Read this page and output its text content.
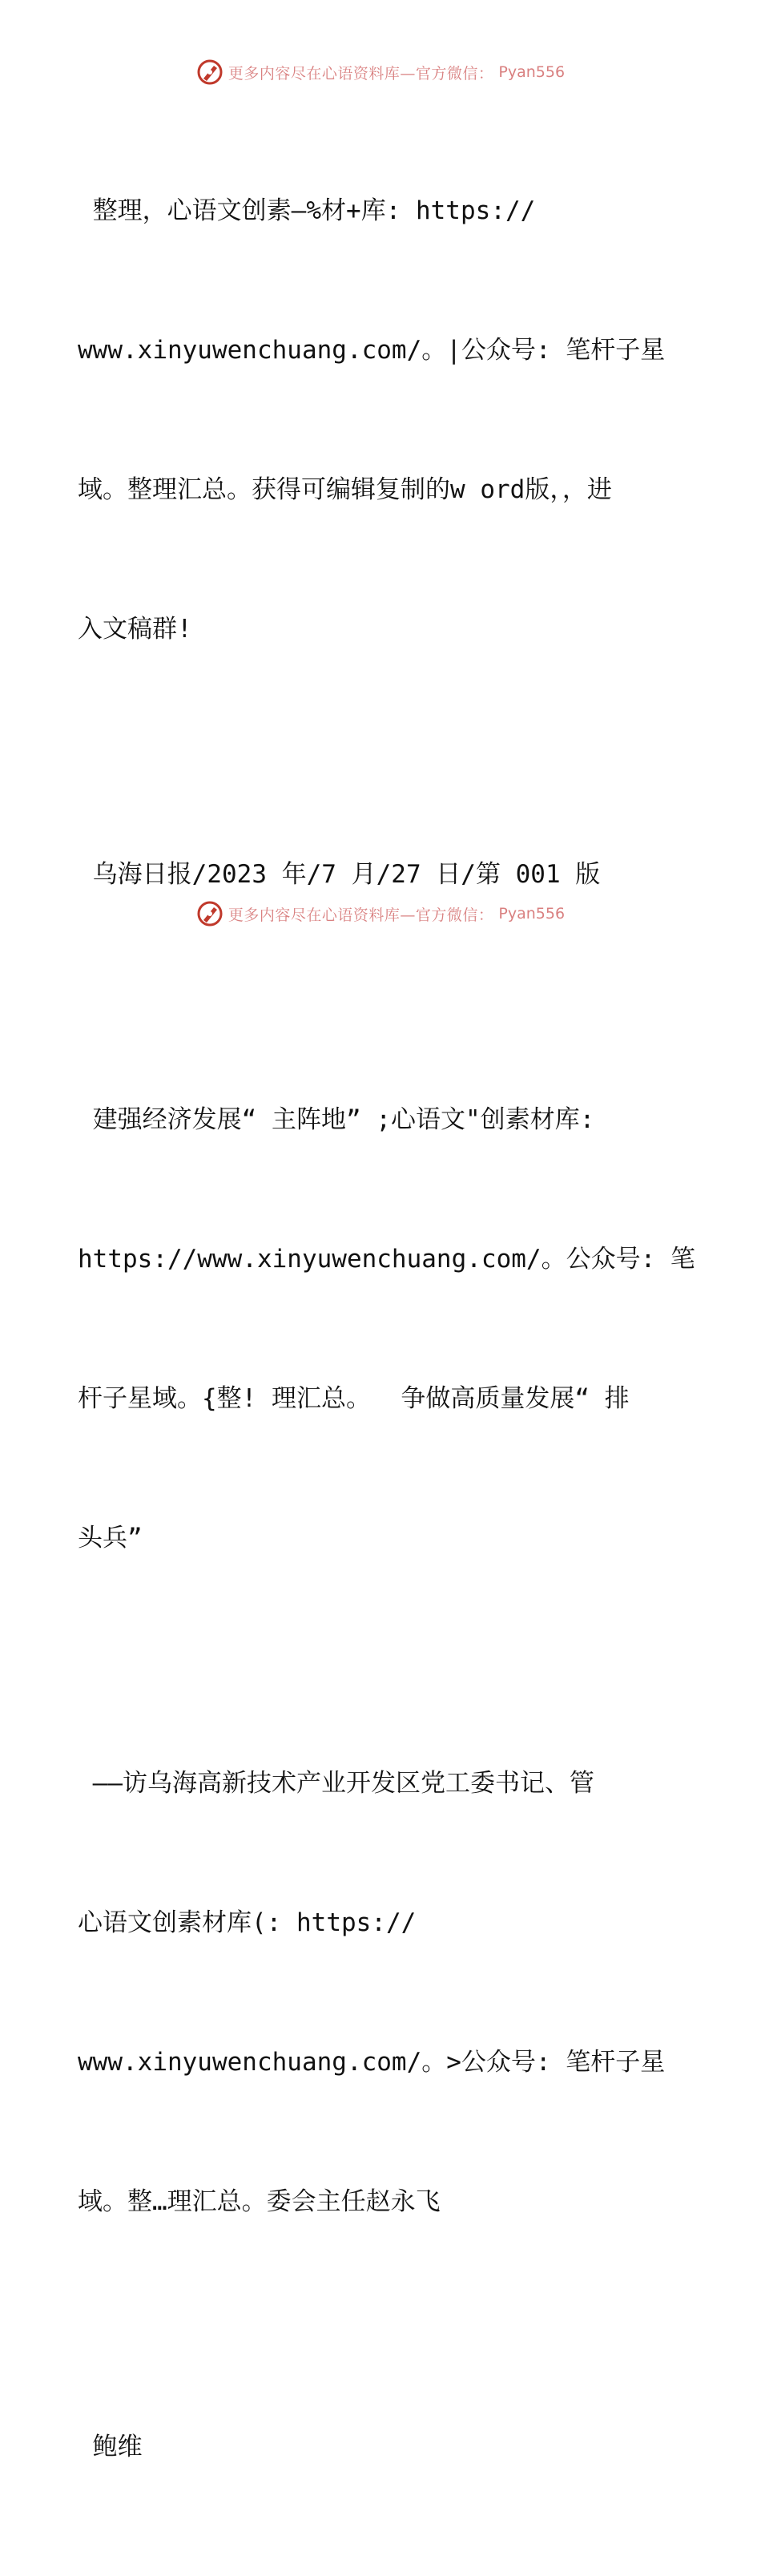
更多内容尽在心语资料库—官方微信： Pyan556

整理，心语文创素—%材+库: https://

www.xinyuwenchuang.com/。|公众号: 笔杆子星

域。整理汇总。获得可编辑复制的w ord版，，进

入文稿群!

乌海日报/2023 年/7 月/27 日/第 001 版

建强经济发展“ 主阵地” ;心语文"创素材库:

https://www.xinyuwenchuang.com/。公众号: 笔

杆子星域。{整! 理汇总。  争做高质量发展“ 排

头兵”

——访乌海高新技术产业开发区党工委书记、管

心语文创素材库(: https://

www.xinyuwenchuang.com/。>公众号: 笔杆子星

域。整…理汇总。委会主任赵永飞

鲍维

更多内容尽在心语资料库—官方微信： Pyan556
